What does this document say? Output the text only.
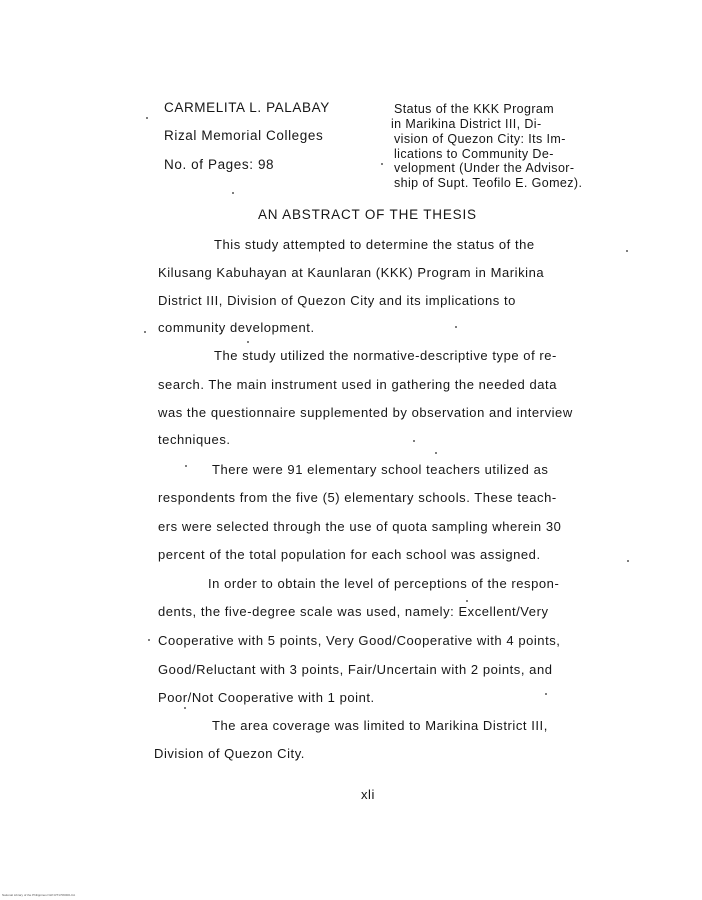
CARMELITA L. PALABAY
Rizal Memorial Colleges
No. of Pages: 98
Status of the KKK Program
in Marikina District III, Di-
vision of Quezon City: Its Im-
lications to Community De-
velopment (Under the Advisor-
ship of Supt. Teofilo E. Gomez).
AN ABSTRACT OF THE THESIS
This study attempted to determine the status of the
Kilusang Kabuhayan at Kaunlaran (KKK) Program in Marikina
District III, Division of Quezon City and its implications to
community development.
The study utilized the normative-descriptive type of re-
search. The main instrument used in gathering the needed data
was the questionnaire supplemented by observation and interview
techniques.
There were 91 elementary school teachers utilized as
respondents from the five (5) elementary schools. These teach-
ers were selected through the use of quota sampling wherein 30
percent of the total population for each school was assigned.
In order to obtain the level of perceptions of the respon-
dents, the five-degree scale was used, namely: Excellent/Very
Cooperative with 5 points, Very Good/Cooperative with 4 points,
Good/Reluctant with 3 points, Fair/Uncertain with 2 points, and
Poor/Not Cooperative with 1 point.
The area coverage was limited to Marikina District III,
Division of Quezon City.
xli
National Library of the Philippines NLP-RT1706000-CA
